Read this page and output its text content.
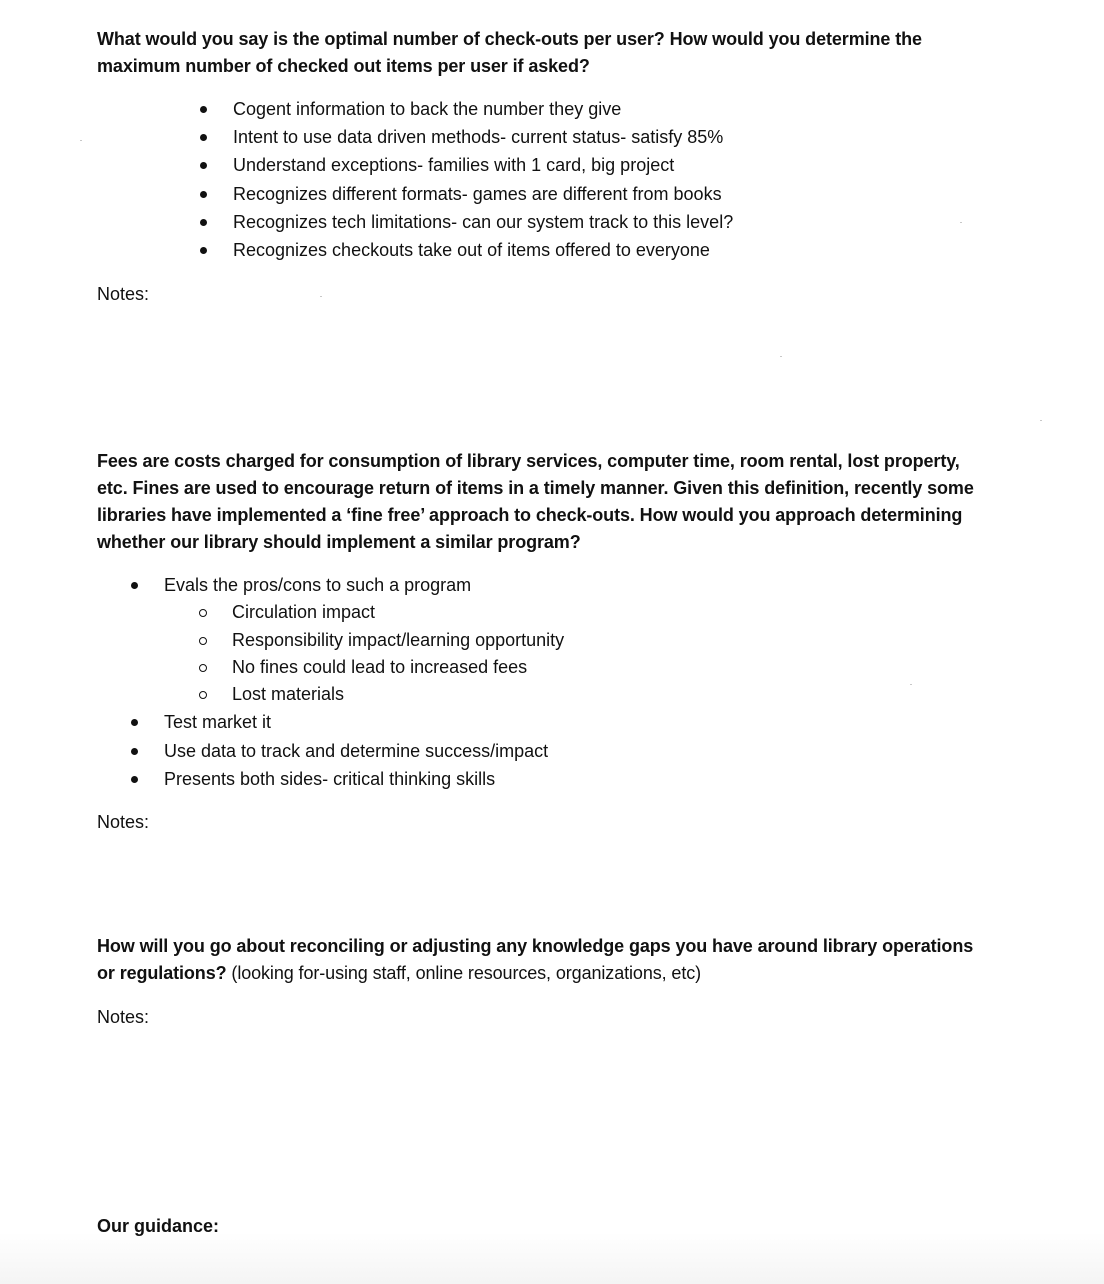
What would you say is the optimal number of check-outs per user? How would you determine the maximum number of checked out items per user if asked?
Cogent information to back the number they give
Intent to use data driven methods- current status- satisfy 85%
Understand exceptions- families with 1 card, big project
Recognizes different formats- games are different from books
Recognizes tech limitations- can our system track to this level?
Recognizes checkouts take out of items offered to everyone
Notes:
Fees are costs charged for consumption of library services, computer time, room rental, lost property, etc. Fines are used to encourage return of items in a timely manner. Given this definition, recently some libraries have implemented a ‘fine free’ approach to check-outs. How would you approach determining whether our library should implement a similar program?
Evals the pros/cons to such a program
Circulation impact
Responsibility impact/learning opportunity
No fines could lead to increased fees
Lost materials
Test market it
Use data to track and determine success/impact
Presents both sides- critical thinking skills
Notes:
How will you go about reconciling or adjusting any knowledge gaps you have around library operations or regulations? (looking for-using staff, online resources, organizations, etc)
Notes:
Our guidance:
